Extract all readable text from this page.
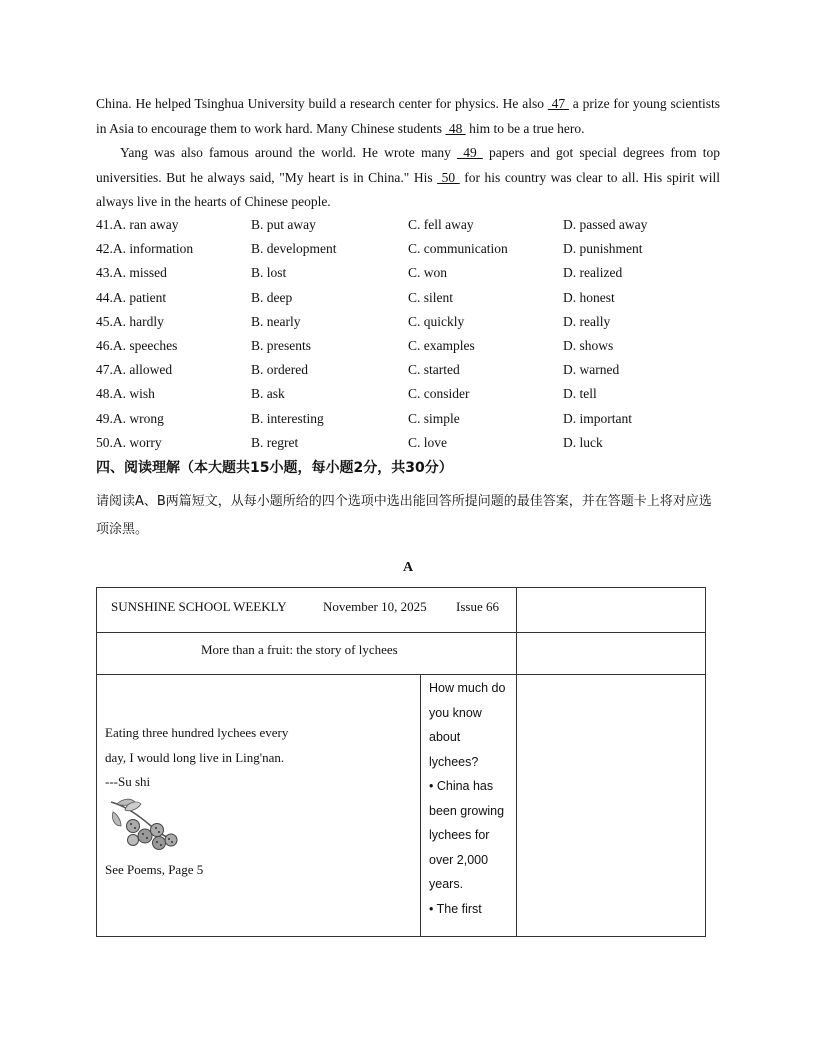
China. He helped Tsinghua University build a research center for physics. He also  47  a prize for young scientists in Asia to encourage them to work hard. Many Chinese students  48  him to be a true hero.

Yang was also famous around the world. He wrote many  49  papers and got special degrees from top universities. But he always said, "My heart is in China." His  50  for his country was clear to all. His spirit will always live in the hearts of Chinese people.

41.A. ran away	B. put away	C. fell away	D. passed away
42.A. information	B. development	C. communication	D. punishment
43.A. missed	B. lost	C. won	D. realized
44.A. patient	B. deep	C. silent	D. honest
45.A. hardly	B. nearly	C. quickly	D. really
46.A. speeches	B. presents	C. examples	D. shows
47.A. allowed	B. ordered	C. started	D. warned
48.A. wish	B. ask	C. consider	D. tell
49.A. wrong	B. interesting	C. simple	D. important
50.A. worry	B. regret	C. love	D. luck
四、阅读理解（本大题共15小题，每小题2分，共30分）
请阅读A、B两篇短文，从每小题所给的四个选项中选出能回答所提问题的最佳答案，并在答题卡上将对应选项涂黑。
A
SUNSHINE SCHOOL WEEKLY	November 10, 2025 Issue 66
More than a fruit: the story of lychees

Eating three hundred lychees every

day, I would long live in Ling'nan.

---Su shi

See Poems, Page 5

How much do

you know

about

lychees?

• China has

been growing

lychees for

over 2,000

years.

• The first
